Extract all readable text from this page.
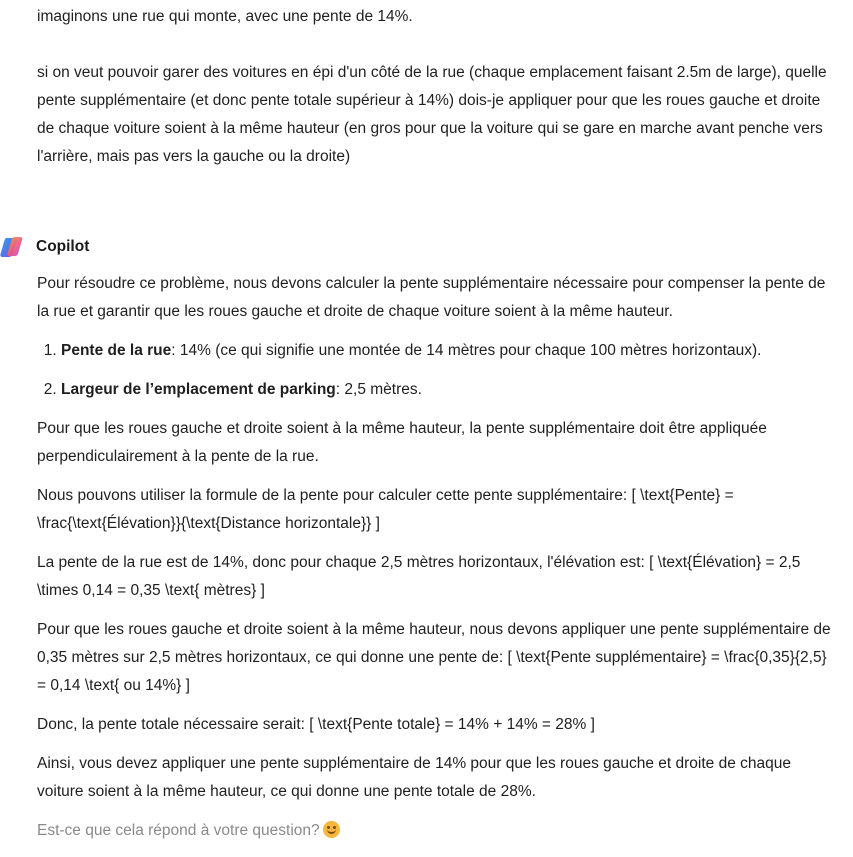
imaginons une rue qui monte, avec une pente de 14%.

si on veut pouvoir garer des voitures en épi d'un côté de la rue (chaque emplacement faisant 2.5m de large), quelle pente supplémentaire (et donc pente totale supérieur à 14%) dois-je appliquer pour que les roues gauche et droite de chaque voiture soient à la même hauteur (en gros pour que la voiture qui se gare en marche avant penche vers l'arrière, mais pas vers la gauche ou la droite)

Copilot

Pour résoudre ce problème, nous devons calculer la pente supplémentaire nécessaire pour compenser la pente de la rue et garantir que les roues gauche et droite de chaque voiture soient à la même hauteur.

1. Pente de la rue: 14% (ce qui signifie une montée de 14 mètres pour chaque 100 mètres horizontaux).
2. Largeur de l’emplacement de parking: 2,5 mètres.

Pour que les roues gauche et droite soient à la même hauteur, la pente supplémentaire doit être appliquée perpendiculairement à la pente de la rue.

Nous pouvons utiliser la formule de la pente pour calculer cette pente supplémentaire: [ \text{Pente} = \frac{\text{Élévation}}{\text{Distance horizontale}} ]

La pente de la rue est de 14%, donc pour chaque 2,5 mètres horizontaux, l'élévation est: [ \text{Élévation} = 2,5 \times 0,14 = 0,35 \text{ mètres} ]

Pour que les roues gauche et droite soient à la même hauteur, nous devons appliquer une pente supplémentaire de 0,35 mètres sur 2,5 mètres horizontaux, ce qui donne une pente de: [ \text{Pente supplémentaire} = \frac{0,35}{2,5} = 0,14 \text{ ou 14%} ]

Donc, la pente totale nécessaire serait: [ \text{Pente totale} = 14% + 14% = 28% ]

Ainsi, vous devez appliquer une pente supplémentaire de 14% pour que les roues gauche et droite de chaque voiture soient à la même hauteur, ce qui donne une pente totale de 28%.

Est-ce que cela répond à votre question?
